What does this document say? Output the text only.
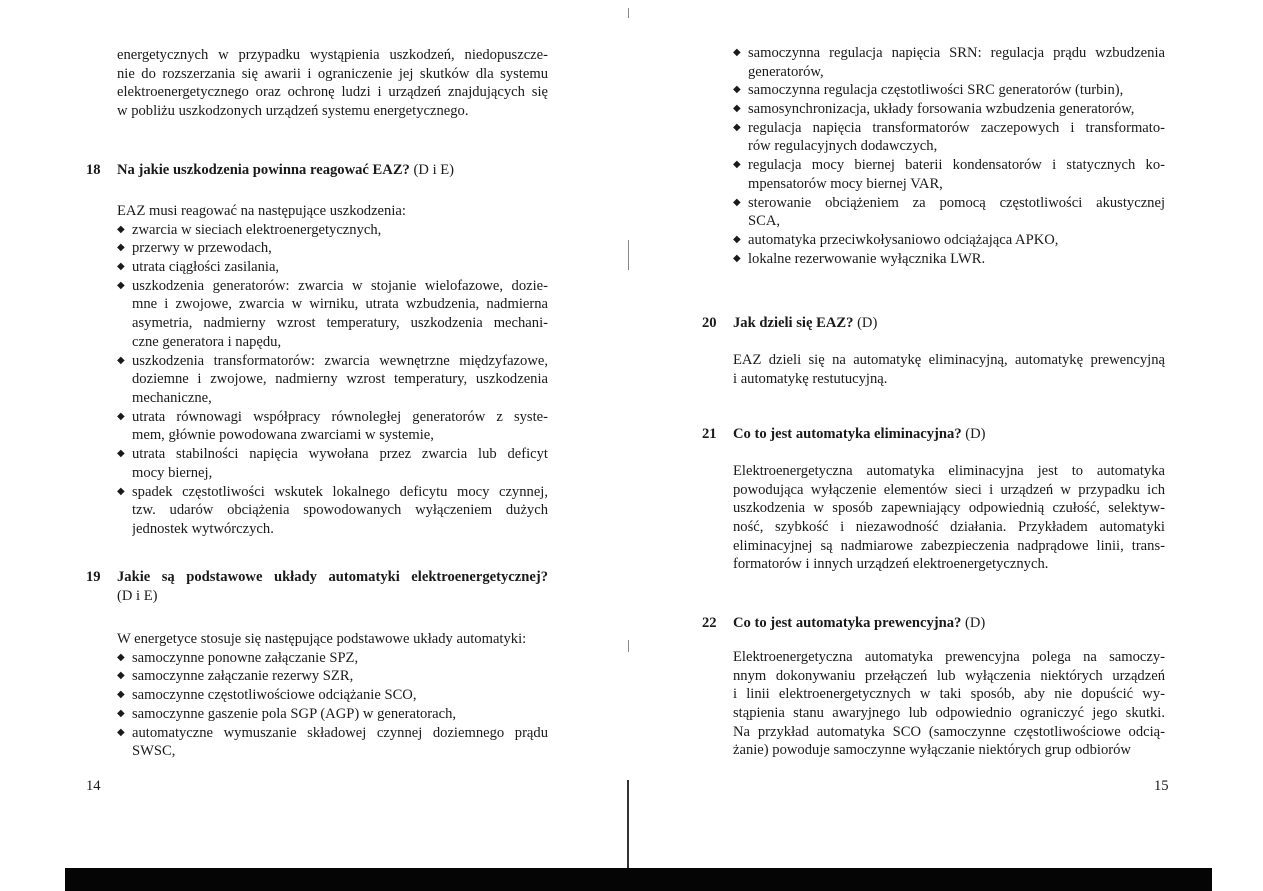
14
energetycznych w przypadku wystąpienia uszkodzeń, niedopuszcze-
nie do rozszerzania się awarii i ograniczenie jej skutków dla systemu
elektroenergetycznego oraz ochronę ludzi i urządzeń znajdujących się
w pobliżu uszkodzonych urządzeń systemu energetycznego.
18 Na jakie uszkodzenia powinna reagować EAZ? (D i E)
EAZ musi reagować na następujące uszkodzenia:
◆ zwarcia w sieciach elektroenergetycznych,
◆ przerwy w przewodach,
◆ utrata ciągłości zasilania,
◆ uszkodzenia generatorów: zwarcia w stojanie wielofazowe, dozie-
mne i zwojowe, zwarcia w wirniku, utrata wzbudzenia, nadmierna
asymetria, nadmierny wzrost temperatury, uszkodzenia mechani-
czne generatora i napędu,
◆ uszkodzenia transformatorów: zwarcia wewnętrzne międzyfazowe,
doziemne i zwojowe, nadmierny wzrost temperatury, uszkodzenia
mechaniczne,
◆ utrata równowagi współpracy równoległej generatorów z syste-
mem, głównie powodowana zwarciami w systemie,
◆ utrata stabilności napięcia wywołana przez zwarcia lub deficyt
mocy biernej,
◆ spadek częstotliwości wskutek lokalnego deficytu mocy czynnej,
tzw. udarów obciążenia spowodowanych wyłączeniem dużych
jednostek wytwórczych.
19 Jakie są podstawowe układy automatyki elektroenergetycznej?
(D i E)
W energetyce stosuje się następujące podstawowe układy automatyki:
◆ samoczynne ponowne załączanie SPZ,
◆ samoczynne załączanie rezerwy SZR,
◆ samoczynne częstotliwościowe odciążanie SCO,
◆ samoczynne gaszenie pola SGP (AGP) w generatorach,
◆ automatyczne wymuszanie składowej czynnej doziemnego prądu
SWSC,
15
◆ samoczynna regulacja napięcia SRN: regulacja prądu wzbudzenia
generatorów,
◆ samoczynna regulacja częstotliwości SRC generatorów (turbin),
◆ samosynchronizacja, układy forsowania wzbudzenia generatorów,
◆ regulacja napięcia transformatorów zaczepowych i transformato-
rów regulacyjnych dodawczych,
◆ regulacja mocy biernej baterii kondensatorów i statycznych ko-
mpensatorów mocy biernej VAR,
◆ sterowanie obciążeniem za pomocą częstotliwości akustycznej
SCA,
◆ automatyka przeciwkołysaniowo odciążająca APKO,
◆ lokalne rezerwowanie wyłącznika LWR.
20 Jak dzieli się EAZ? (D)
EAZ dzieli się na automatykę eliminacyjną, automatykę prewencyjną
i automatykę restutucyjną.
21 Co to jest automatyka eliminacyjna? (D)
Elektroenergetyczna automatyka eliminacyjna jest to automatyka
powodująca wyłączenie elementów sieci i urządzeń w przypadku ich
uszkodzenia w sposób zapewniający odpowiednią czułość, selektyw-
ność, szybkość i niezawodność działania. Przykładem automatyki
eliminacyjnej są nadmiarowe zabezpieczenia nadprądowe linii, trans-
formatorów i innych urządzeń elektroenergetycznych.
22 Co to jest automatyka prewencyjna? (D)
Elektroenergetyczna automatyka prewencyjna polega na samoczy-
nnym dokonywaniu przełączeń lub wyłączenia niektórych urządzeń
i linii elektroenergetycznych w taki sposób, aby nie dopuścić wy-
stąpienia stanu awaryjnego lub odpowiednio ograniczyć jego skutki.
Na przykład automatyka SCO (samoczynne częstotliwościowe odcią-
żanie) powoduje samoczynne wyłączanie niektórych grup odbiorów
